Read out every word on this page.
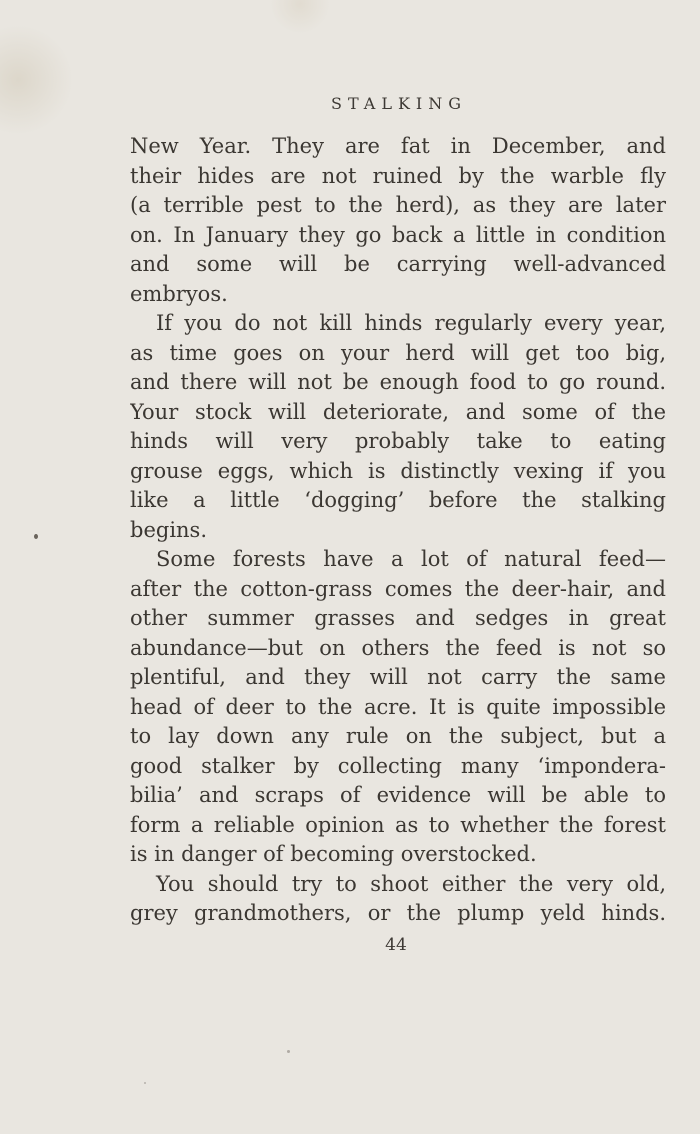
STALKING
New Year. They are fat in December, and
their hides are not ruined by the warble fly
(a terrible pest to the herd), as they are later
on. In January they go back a little in condition
and some will be carrying well-advanced
embryos.
If you do not kill hinds regularly every year,
as time goes on your herd will get too big,
and there will not be enough food to go round.
Your stock will deteriorate, and some of the
hinds will very probably take to eating
grouse eggs, which is distinctly vexing if you
like a little ‘dogging’ before the stalking
begins.
Some forests have a lot of natural feed—
after the cotton-grass comes the deer-hair, and
other summer grasses and sedges in great
abundance—but on others the feed is not so
plentiful, and they will not carry the same
head of deer to the acre. It is quite impossible
to lay down any rule on the subject, but a
good stalker by collecting many ‘impondera-
bilia’ and scraps of evidence will be able to
form a reliable opinion as to whether the forest
is in danger of becoming overstocked.
You should try to shoot either the very old,
grey grandmothers, or the plump yeld hinds.
44
